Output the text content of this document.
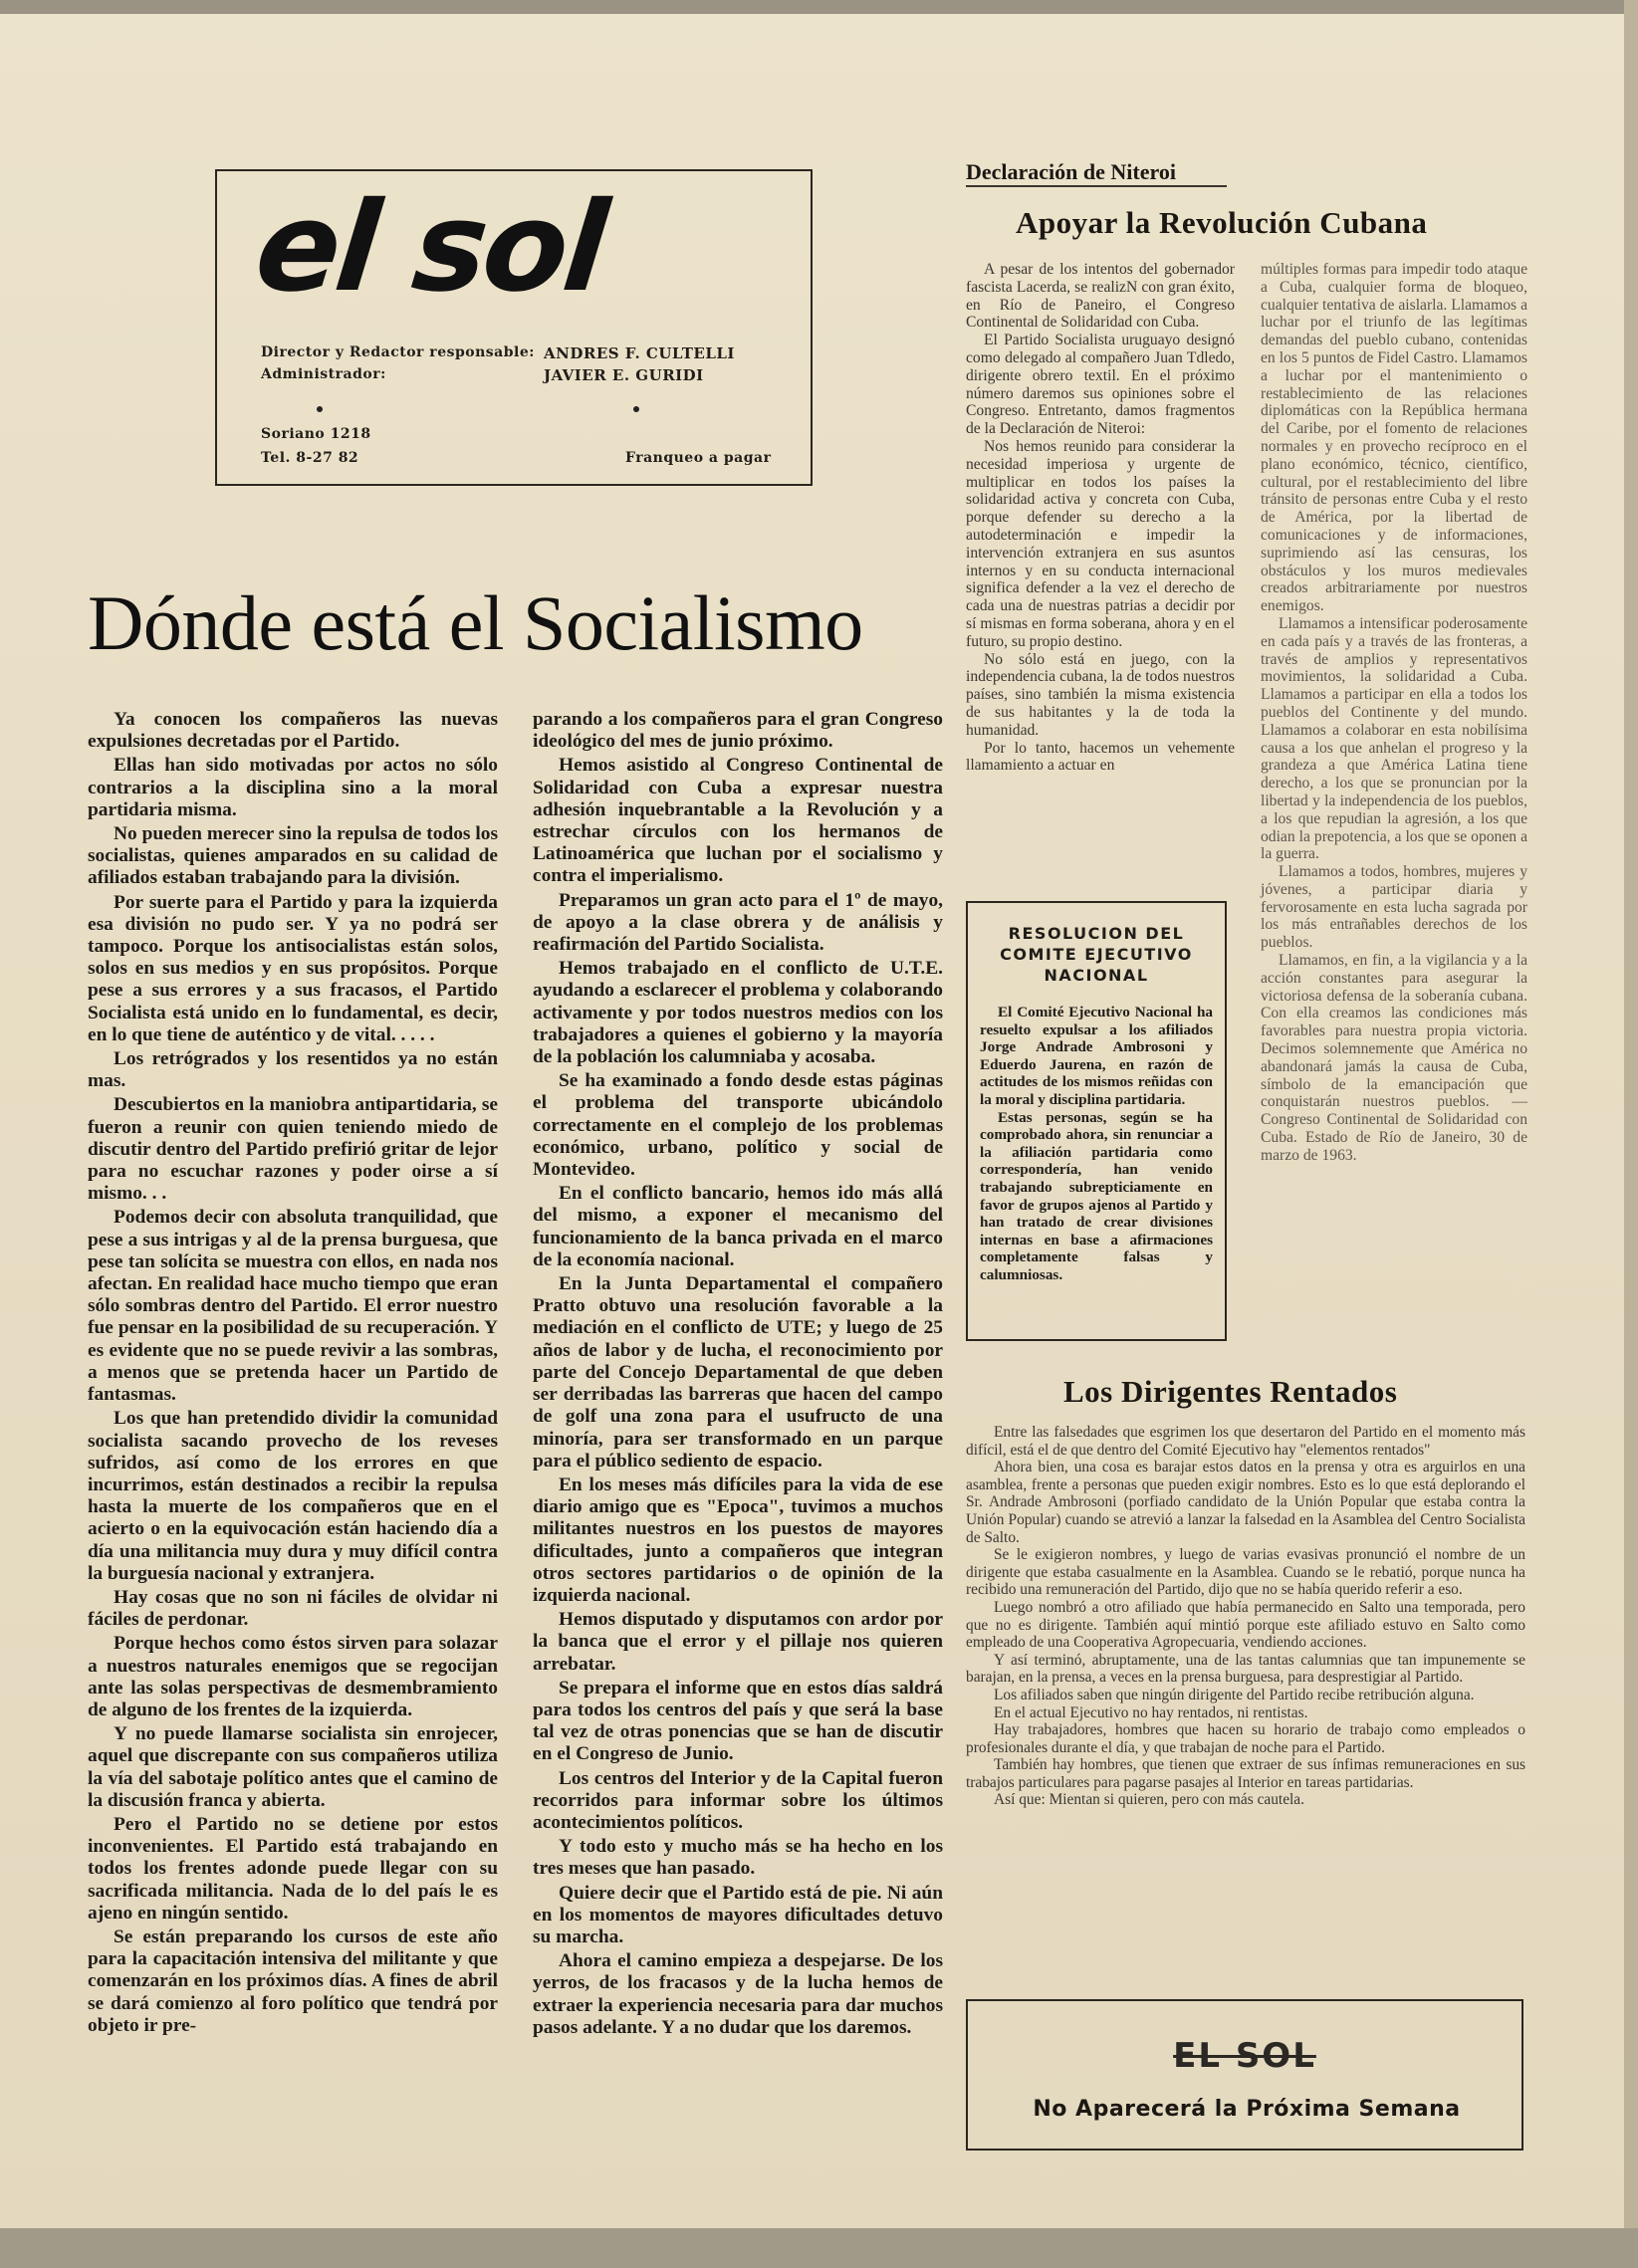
el sol
Director y Redactor responsable: ANDRES F. CULTELLI
Administrador:	JAVIER E. GURIDI
Soriano 1218
Tel. 8-27 82	Franqueo a pagar
Dónde está el Socialismo

Ya conocen los compañeros las nuevas expulsiones decretadas por el Partido.

Ellas han sido motivadas por actos no sólo contrarios a la disciplina sino a la moral partidaria misma.

No pueden merecer sino la repulsa de todos los socialistas, quienes amparados en su calidad de afiliados estaban trabajando para la división.

Por suerte para el Partido y para la izquierda esa división no pudo ser. Y ya no podrá ser tampoco. Porque los antisocialistas están solos, solos en sus medios y en sus propósitos. Porque pese a sus errores y a sus fracasos, el Partido Socialista está unido en lo fundamental, es decir, en lo que tiene de auténtico y de vital. . . . .

Los retrógrados y los resentidos ya no están mas.

Descubiertos en la maniobra antipartidaria, se fueron a reunir con quien teniendo miedo de discutir dentro del Partido prefirió gritar de lejor para no escuchar razones y poder oirse a sí mismo. . .

Podemos decir con absoluta tranquilidad, que pese a sus intrigas y al de la prensa burguesa, que pese tan solícita se muestra con ellos, en nada nos afectan. En realidad hace mucho tiempo que eran sólo sombras dentro del Partido. El error nuestro fue pensar en la posibilidad de su recuperación. Y es evidente que no se puede revivir a las sombras, a menos que se pretenda hacer un Partido de fantasmas.

Los que han pretendido dividir la comunidad socialista sacando provecho de los reveses sufridos, así como de los errores en que incurrimos, están destinados a recibir la repulsa hasta la muerte de los compañeros que en el acierto o en la equivocación están haciendo día a día una militancia muy dura y muy difícil contra la burguesía nacional y extranjera.

Hay cosas que no son ni fáciles de olvidar ni fáciles de perdonar.

Porque hechos como éstos sirven para solazar a nuestros naturales enemigos que se regocijan ante las solas perspectivas de desmembramiento de alguno de los frentes de la izquierda.

Y no puede llamarse socialista sin enrojecer, aquel que discrepante con sus compañeros utiliza la vía del sabotaje político antes que el camino de la discusión franca y abierta.

Pero el Partido no se detiene por estos inconvenientes. El Partido está trabajando en todos los frentes adonde puede llegar con su sacrificada militancia. Nada de lo del país le es ajeno en ningún sentido.

Se están preparando los cursos de este año para la capacitación intensiva del militante y que comenzarán en los próximos días. A fines de abril se dará comienzo al foro político que tendrá por objeto ir pre-

parando a los compañeros para el gran Congreso ideológico del mes de junio próximo.

Hemos asistido al Congreso Continental de Solidaridad con Cuba a expresar nuestra adhesión inquebrantable a la Revolución y a estrechar círculos con los hermanos de Latinoamérica que luchan por el socialismo y contra el imperialismo.

Preparamos un gran acto para el 1º de mayo, de apoyo a la clase obrera y de análisis y reafirmación del Partido Socialista.

Hemos trabajado en el conflicto de U.T.E. ayudando a esclarecer el problema y colaborando activamente y por todos nuestros medios con los trabajadores a quienes el gobierno y la mayoría de la población los calumniaba y acosaba.

Se ha examinado a fondo desde estas páginas el problema del transporte ubicándolo correctamente en el complejo de los problemas económico, urbano, político y social de Montevideo.

En el conflicto bancario, hemos ido más allá del mismo, a exponer el mecanismo del funcionamiento de la banca privada en el marco de la economía nacional.

En la Junta Departamental el compañero Pratto obtuvo una resolución favorable a la mediación en el conflicto de UTE; y luego de 25 años de labor y de lucha, el reconocimiento por parte del Concejo Departamental de que deben ser derribadas las barreras que hacen del campo de golf una zona para el usufructo de una minoría, para ser transformado en un parque para el público sediento de espacio.

En los meses más difíciles para la vida de ese diario amigo que es "Epoca", tuvimos a muchos militantes nuestros en los puestos de mayores dificultades, junto a compañeros que integran otros sectores partidarios o de opinión de la izquierda nacional.

Hemos disputado y disputamos con ardor por la banca que el error y el pillaje nos quieren arrebatar.

Se prepara el informe que en estos días saldrá para todos los centros del país y que será la base tal vez de otras ponencias que se han de discutir en el Congreso de Junio.

Los centros del Interior y de la Capital fueron recorridos para informar sobre los últimos acontecimientos políticos.

Y todo esto y mucho más se ha hecho en los tres meses que han pasado.

Quiere decir que el Partido está de pie. Ni aún en los momentos de mayores dificultades detuvo su marcha.

Ahora el camino empieza a despejarse. De los yerros, de los fracasos y de la lucha hemos de extraer la experiencia necesaria para dar muchos pasos adelante. Y a no dudar que los daremos.

Declaración de Niteroi
Apoyar la Revolución Cubana

A pesar de los intentos del gobernador fascista Lacerda, se realizN con gran éxito, en Río de Paneiro, el Congreso Continental de Solidaridad con Cuba.

El Partido Socialista uruguayo designó como delegado al compañero Juan Tdledo, dirigente obrero textil. En el próximo número daremos sus opiniones sobre el Congreso. Entretanto, damos fragmentos de la Declaración de Niteroi:

Nos hemos reunido para considerar la necesidad imperiosa y urgente de multiplicar en todos los países la solidaridad activa y concreta con Cuba, porque defender su derecho a la autodeterminación e impedir la intervención extranjera en sus asuntos internos y en su conducta internacional significa defender a la vez el derecho de cada una de nuestras patrias a decidir por sí mismas en forma soberana, ahora y en el futuro, su propio destino.

No sólo está en juego, con la independencia cubana, la de todos nuestros países, sino también la misma existencia de sus habitantes y la de toda la humanidad.

Por lo tanto, hacemos un vehemente llamamiento a actuar en

múltiples formas para impedir todo ataque a Cuba, cualquier forma de bloqueo, cualquier tentativa de aislarla. Llamamos a luchar por el triunfo de las legítimas demandas del pueblo cubano, contenidas en los 5 puntos de Fidel Castro. Llamamos a luchar por el mantenimiento o restablecimiento de las relaciones diplomáticas con la República hermana del Caribe, por el fomento de relaciones normales y en provecho recíproco en el plano económico, técnico, científico, cultural, por el restablecimiento del libre tránsito de personas entre Cuba y el resto de América, por la libertad de comunicaciones y de informaciones, suprimiendo así las censuras, los obstáculos y los muros medievales creados arbitrariamente por nuestros enemigos.

Llamamos a intensificar poderosamente en cada país y a través de las fronteras, a través de amplios y representativos movimientos, la solidaridad a Cuba. Llamamos a participar en ella a todos los pueblos del Continente y del mundo. Llamamos a colaborar en esta nobilísima causa a los que anhelan el progreso y la grandeza a que América Latina tiene derecho, a los que se pronuncian por la libertad y la independencia de los pueblos, a los que repudian la agresión, a los que odian la prepotencia, a los que se oponen a la guerra.

Llamamos a todos, hombres, mujeres y jóvenes, a participar diaria y fervorosamente en esta lucha sagrada por los más entrañables derechos de los pueblos.

Llamamos, en fin, a la vigilancia y a la acción constantes para asegurar la victoriosa defensa de la soberanía cubana. Con ella creamos las condiciones más favorables para nuestra propia victoria. Decimos solemnemente que América no abandonará jamás la causa de Cuba, símbolo de la emancipación que conquistarán nuestros pueblos. — Congreso Continental de Solidaridad con Cuba. Estado de Río de Janeiro, 30 de marzo de 1963.

RESOLUCION DEL COMITE EJECUTIVO NACIONAL

El Comité Ejecutivo Nacional ha resuelto expulsar a los afiliados Jorge Andrade Ambrosoni y Eduerdo Jaurena, en razón de actitudes de los mismos reñidas con la moral y disciplina partidaria.

Estas personas, según se ha comprobado ahora, sin renunciar a la afiliación partidaria como correspondería, han venido trabajando subrepticiamente en favor de grupos ajenos al Partido y han tratado de crear divisiones internas en base a afirmaciones completamente falsas y calumniosas.

Los Dirigentes Rentados

Entre las falsedades que esgrimen los que desertaron del Partido en el momento más difícil, está el de que dentro del Comité Ejecutivo hay "elementos rentados"

Ahora bien, una cosa es barajar estos datos en la prensa y otra es arguirlos en una asamblea, frente a personas que pueden exigir nombres. Esto es lo que está deplorando el Sr. Andrade Ambrosoni (porfiado candidato de la Unión Popular que estaba contra la Unión Popular) cuando se atrevió a lanzar la falsedad en la Asamblea del Centro Socialista de Salto.

Se le exigieron nombres, y luego de varias evasivas pronunció el nombre de un dirigente que estaba casualmente en la Asamblea. Cuando se le rebatió, porque nunca ha recibido una remuneración del Partido, dijo que no se había querido referir a eso.

Luego nombró a otro afiliado que había permanecido en Salto una temporada, pero que no es dirigente. También aquí mintió porque este afiliado estuvo en Salto como empleado de una Cooperativa Agropecuaria, vendiendo acciones.

Y así terminó, abruptamente, una de las tantas calumnias que tan impunemente se barajan, en la prensa, a veces en la prensa burguesa, para desprestigiar al Partido.

Los afiliados saben que ningún dirigente del Partido recibe retribución alguna.

En el actual Ejecutivo no hay rentados, ni rentistas.

Hay trabajadores, hombres que hacen su horario de trabajo como empleados o profesionales durante el día, y que trabajan de noche para el Partido.

También hay hombres, que tienen que extraer de sus ínfimas remuneraciones en sus trabajos particulares para pagarse pasajes al Interior en tareas partidarias.

Así que: Mientan si quieren, pero con más cautela.

EL SOL
No Aparecerá la Próxima Semana
